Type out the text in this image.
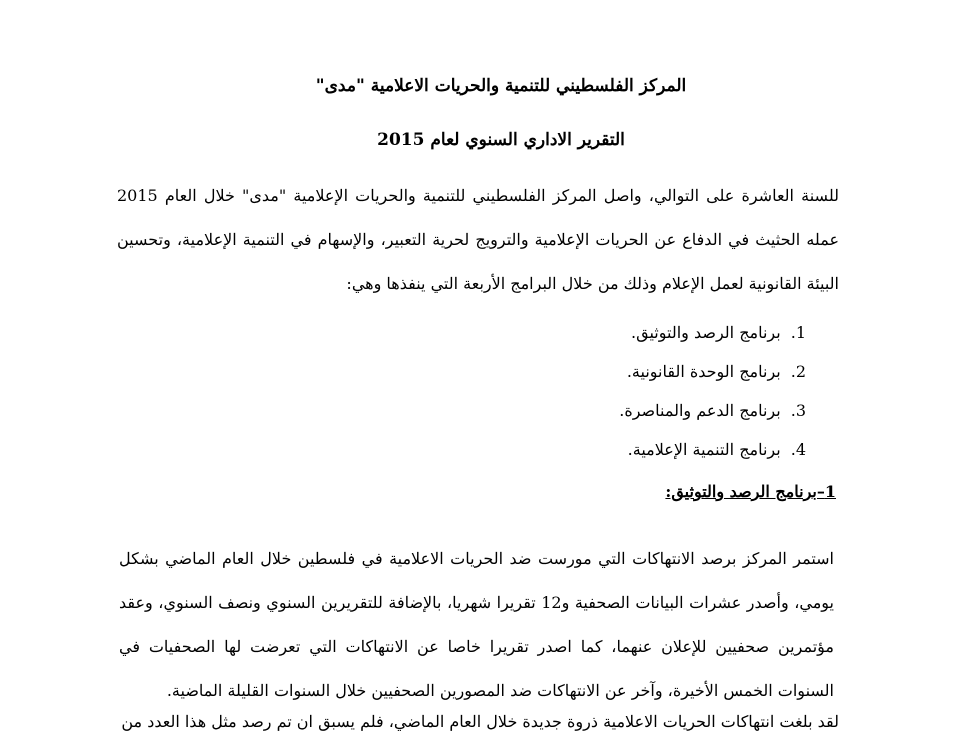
المركز الفلسطيني للتنمية والحريات الاعلامية "مدى"
التقرير الاداري السنوي لعام 2015
للسنة العاشرة على التوالي، واصل المركز الفلسطيني للتنمية والحريات الإعلامية "مدى" خلال العام 2015 عمله الحثيث في الدفاع عن الحريات الإعلامية والترويج لحرية التعبير، والإسهام في التنمية الإعلامية، وتحسين البيئة القانونية لعمل الإعلام وذلك من خلال البرامج الأربعة التي ينفذها وهي:
1.برنامج الرصد والتوثيق.
2.برنامج الوحدة القانونية.
3.برنامج الدعم والمناصرة.
4.برنامج التنمية الإعلامية.
1–برنامج الرصد والتوثيق:
استمر المركز برصد الانتهاكات التي مورست ضد الحريات الاعلامية في فلسطين خلال العام الماضي بشكل يومي، وأصدر عشرات البيانات الصحفية و12 تقريرا شهريا، بالإضافة للتقريرين السنوي ونصف السنوي، وعقد مؤتمرين صحفيين للإعلان عنهما، كما اصدر تقريرا خاصا عن الانتهاكات التي تعرضت لها الصحفيات في السنوات الخمس الأخيرة، وآخر عن الانتهاكات ضد المصورين الصحفيين خلال السنوات القليلة الماضية.
لقد بلغت انتهاكات الحريات الاعلامية ذروة جديدة خلال العام الماضي، فلم يسبق ان تم رصد مثل هذا العدد من
